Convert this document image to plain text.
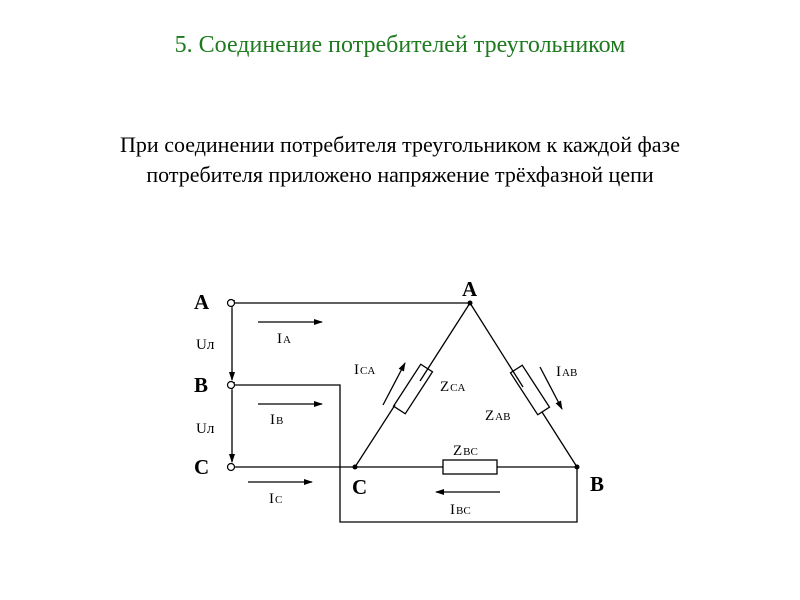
5. Соединение потребителей треугольником

При соединении потребителя треугольником к каждой фазе

потребителя приложено напряжение трёхфазной цепи

A
B
C
A
B
C
Uл
Uл
IA
IB
IC
ICA	IAB
IBC
ZCA
ZAB
ZBC
